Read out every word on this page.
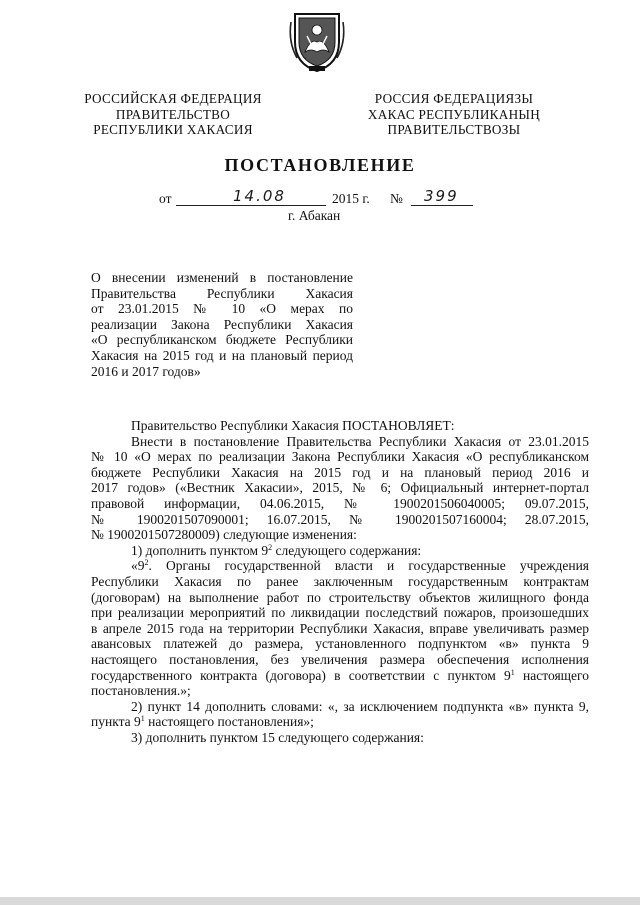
РОССИЙСКАЯ ФЕДЕРАЦИЯ
ПРАВИТЕЛЬСТВО
РЕСПУБЛИКИ ХАКАСИЯ
РОССИЯ ФЕДЕРАЦИЯЗЫ
ХАКАС РЕСПУБЛИКАНЫҢ
ПРАВИТЕЛЬСТВОЗЫ
ПОСТАНОВЛЕНИЕ
от	14.08	2015 г. № 399
г. Абакан
О внесении изменений в постановление
Правительства Республики Хакасия
от 23.01.2015 № 10 «О мерах по
реализации Закона Республики Хакасия
«О республиканском бюджете Республики
Хакасия на 2015 год и на плановый период
2016 и 2017 годов»
Правительство Республики Хакасия ПОСТАНОВЛЯЕТ:
Внести в постановление Правительства Республики Хакасия от 23.01.2015
№ 10 «О мерах по реализации Закона Республики Хакасия «О республиканском
бюджете Республики Хакасия на 2015 год и на плановый период 2016 и
2017 годов» («Вестник Хакасии», 2015, № 6; Официальный интернет-портал
правовой информации, 04.06.2015, № 1900201506040005; 09.07.2015,
№ 1900201507090001; 16.07.2015, № 1900201507160004; 28.07.2015,
№ 1900201507280009) следующие изменения:
1) дополнить пунктом $9^2$ следующего содержания:
«$9^2$. Органы государственной власти и государственные учреждения
Республики Хакасия по ранее заключенным государственным контрактам
(договорам) на выполнение работ по строительству объектов жилищного фонда
при реализации мероприятий по ликвидации последствий пожаров, произошедших
в апреле 2015 года на территории Республики Хакасия, вправе увеличивать размер
авансовых платежей до размера, установленного подпунктом «в» пункта 9
настоящего постановления, без увеличения размера обеспечения исполнения
государственного контракта (договора) в соответствии с пунктом $9^1$ настоящего
постановления.»;
2) пункт 14 дополнить словами: «, за исключением подпункта «в» пункта 9,
пункта $9^1$ настоящего постановления»;
3) дополнить пунктом 15 следующего содержания:
